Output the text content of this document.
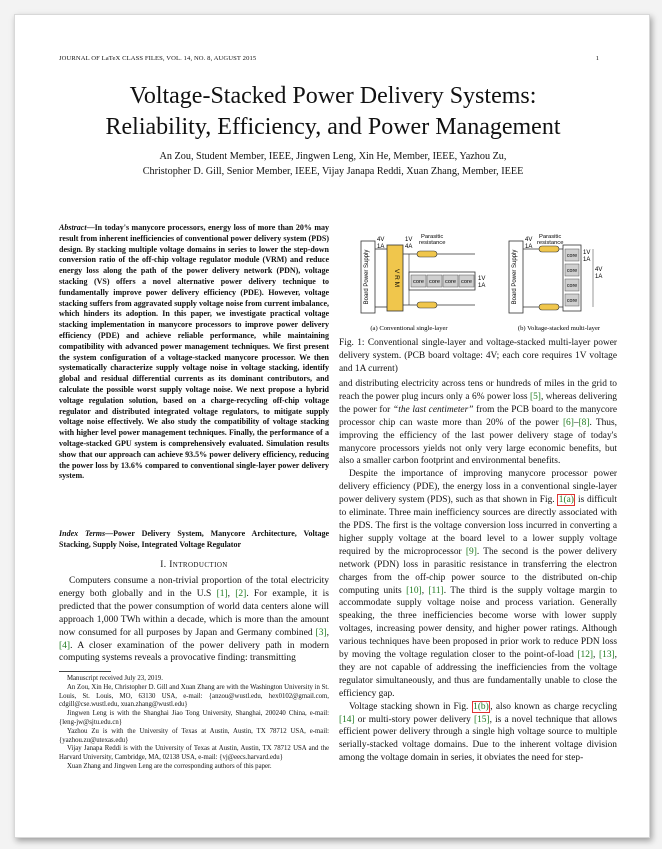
JOURNAL OF LaTeX CLASS FILES, VOL. 14, NO. 8, AUGUST 2015	1
Voltage-Stacked Power Delivery Systems:
Reliability, Efficiency, and Power Management
An Zou, Student Member, IEEE, Jingwen Leng, Xin He, Member, IEEE, Yazhou Zu,
Christopher D. Gill, Senior Member, IEEE, Vijay Janapa Reddi, Xuan Zhang, Member, IEEE
Abstract—In today's manycore processors, energy loss of more than 20% may result from inherent inefficiencies of conventional power delivery system (PDS) design. By stacking multiple voltage domains in series to lower the step-down conversion ratio of the off-chip voltage regulator module (VRM) and reduce energy loss along the path of the power delivery network (PDN), voltage stacking (VS) offers a novel alternative power delivery technique to fundamentally improve power delivery efficiency (PDE). However, voltage stacking suffers from aggravated supply voltage noise from current imbalance, which hinders its adoption. In this paper, we investigate practical voltage stacking implementation in manycore processors to improve power delivery efficiency (PDE) and achieve reliable performance, while maintaining compatibility with advanced power management techniques. We first present the system configuration of a voltage-stacked manycore processor. We then systematically characterize supply voltage noise in voltage stacking, identify global and residual differential currents as its dominant contributors, and calculate the possible worst supply voltage noise. We next propose a hybrid voltage regulation solution, based on a charge-recycling off-chip voltage regulator and distributed integrated voltage regulators, to mitigate supply voltage noise effectively. We also study the compatibility of voltage stacking with higher level power management techniques. Finally, the performance of a voltage-stacked GPU system is comprehensively evaluated. Simulation results show that our approach can achieve 93.5% power delivery efficiency, reducing the power loss by 13.6% compared to conventional single-layer power delivery system.
Index Terms—Power Delivery System, Manycore Architecture, Voltage Stacking, Supply Noise, Integrated Voltage Regulator
I. Introduction
Computers consume a non-trivial proportion of the total electricity energy both globally and in the U.S [1], [2]. For example, it is predicted that the power consumption of world data centers alone will approach 1,000 TWh within a decade, which is more than the amount now consumed for all purposes by Japan and Germany combined [3], [4]. A closer examination of the power delivery path in modern computing systems reveals a provocative finding: transmitting

Manuscript received July 23, 2019.

An Zou, Xin He, Christopher D. Gill and Xuan Zhang are with the Washington University in St. Louis, St. Louis, MO, 63130 USA, e-mail: {anzou@wustl.edu, hex0102@gmail.com, cdgill@cse.wustl.edu, xuan.zhang@wustl.edu}

Jingwen Leng is with the Shanghai Jiao Tong University, Shanghai, 200240 China, e-mail: {leng-jw@sjtu.edu.cn}

Yazhou Zu is with the University of Texas at Austin, Austin, TX 78712 USA, e-mail: {yazhou.zu@utexas.edu}

Vijay Janapa Reddi is with the University of Texas at Austin, Austin, TX 78712 USA and the Harvard University, Cambridge, MA, 02138 USA, e-mail: {vj@eecs.harvard.edu}

Xuan Zhang and Jingwen Leng are the corresponding authors of this paper.

Board Power Supply
4V
1A
V R M
1V
4A
Parasitic
resistance
core core core core 1V
1A
(a) Conventional single-layer
Board Power Supply
4V
1A
Parasitic
resistance
core
core
core
core
1V
1A
4V
1A
(b) Voltage-stacked multi-layer
Fig. 1: Conventional single-layer and voltage-stacked multi-layer power delivery system. (PCB board voltage: 4V; each core requires 1V voltage and 1A current)

and distributing electricity across tens or hundreds of miles in the grid to reach the power plug incurs only a 6% power loss [5], whereas delivering the power for “the last centimeter” from the PCB board to the manycore processor chip can waste more than 20% of the power [6]–[8]. Thus, improving the efficiency of the last power delivery stage of today's manycore processors yields not only very large economic benefits, but also a smaller carbon footprint and environmental benefits.

Despite the importance of improving manycore processor power delivery efficiency (PDE), the energy loss in a conventional single-layer power delivery system (PDS), such as that shown in Fig. 1(a) is difficult to eliminate. Three main inefficiency sources are directly associated with the PDS. The first is the voltage conversion loss incurred in converting a higher supply voltage at the board level to a lower supply voltage required by the microprocessor [9]. The second is the power delivery network (PDN) loss in parasitic resistance in transferring the electron charges from the off-chip power source to the distributed on-chip computing units [10], [11]. The third is the supply voltage margin to accommodate supply voltage noise and process variation. Generally speaking, the three inefficiencies become worse with lower supply voltages, increasing power density, and higher power ratings. Although various techniques have been proposed in prior work to reduce PDN loss by moving the voltage regulation closer to the point-of-load [12], [13], they are not capable of addressing the inefficiencies from the voltage regulator simultaneously, and thus are fundamentally unable to close the efficiency gap.

Voltage stacking shown in Fig. 1(b) , also known as charge recycling [14] or multi-story power delivery [15], is a novel technique that allows efficient power delivery through a single high voltage source to multiple serially-stacked voltage domains. Due to the inherent voltage division among the voltage domain in series, it obviates the need for step-
